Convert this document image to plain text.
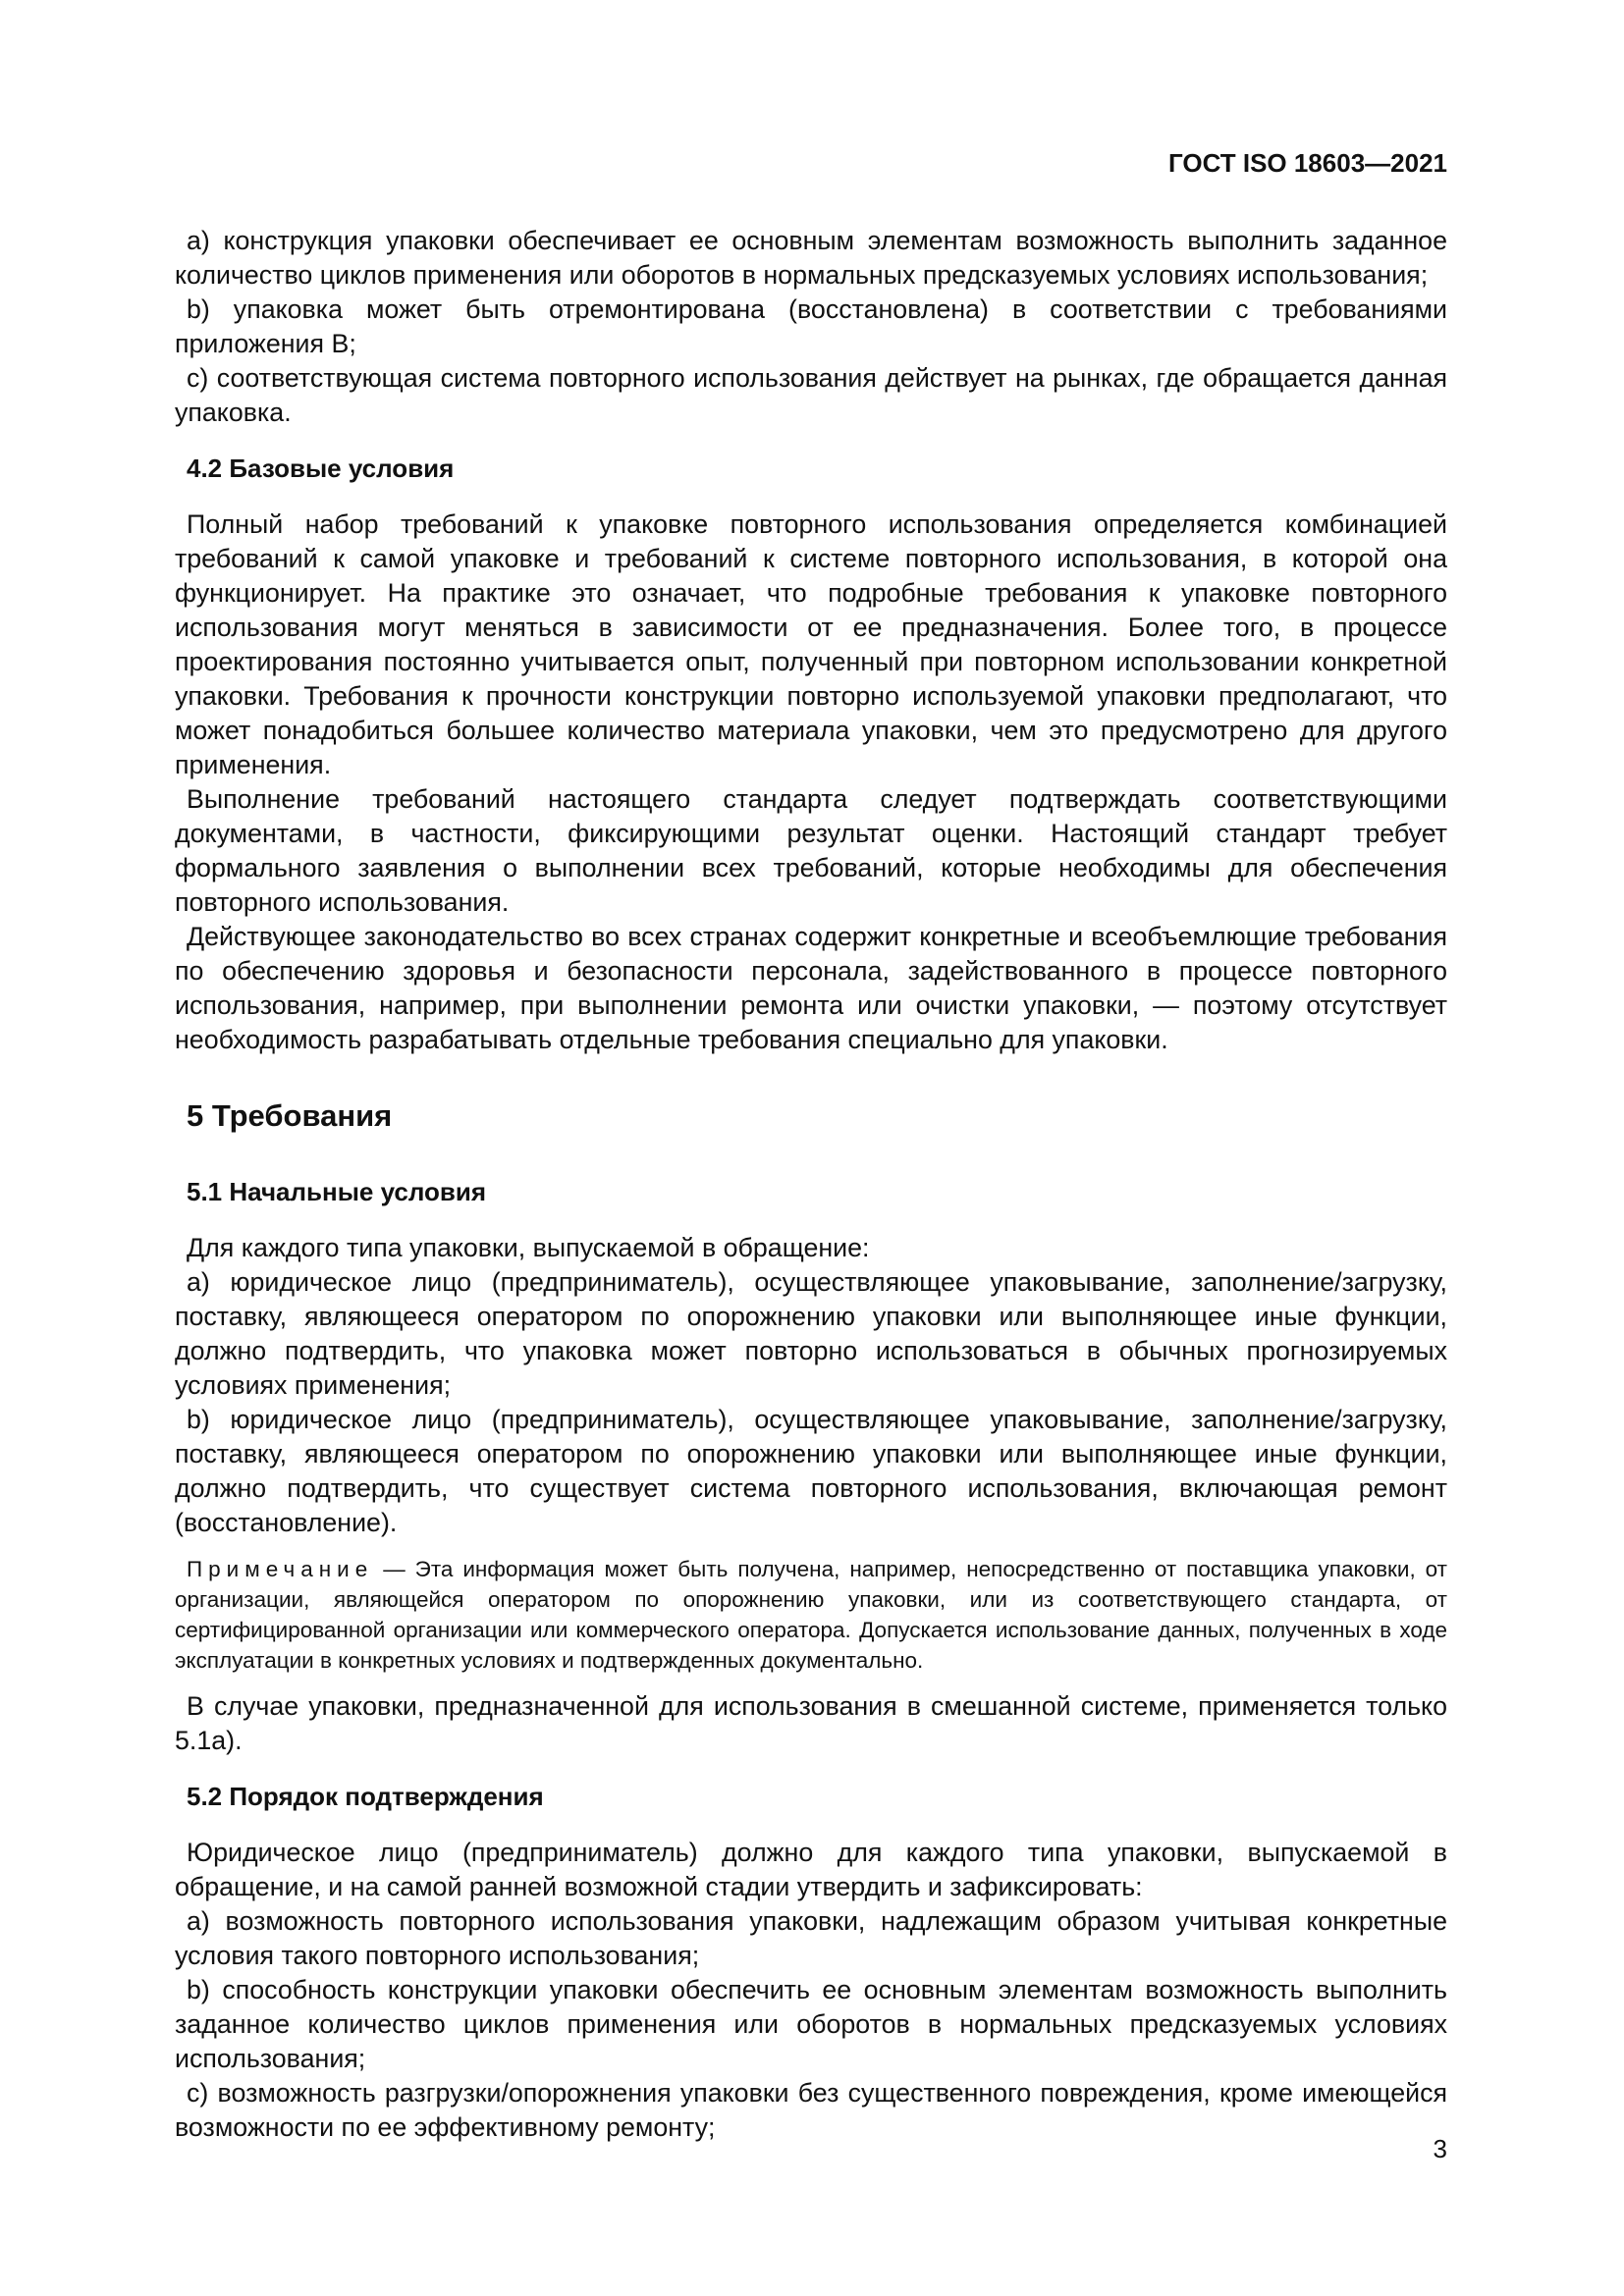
ГОСТ ISO 18603—2021

a) конструкция упаковки обеспечивает ее основным элементам возможность выполнить заданное количество циклов применения или оборотов в нормальных предсказуемых условиях использования;

b) упаковка может быть отремонтирована (восстановлена) в соответствии с требованиями приложения В;

c) соответствующая система повторного использования действует на рынках, где обращается данная упаковка.

4.2 Базовые условия

Полный набор требований к упаковке повторного использования определяется комбинацией требований к самой упаковке и требований к системе повторного использования, в которой она функционирует. На практике это означает, что подробные требования к упаковке повторного использования могут меняться в зависимости от ее предназначения. Более того, в процессе проектирования постоянно учитывается опыт, полученный при повторном использовании конкретной упаковки. Требования к прочности конструкции повторно используемой упаковки предполагают, что может понадобиться большее количество материала упаковки, чем это предусмотрено для другого применения.

Выполнение требований настоящего стандарта следует подтверждать соответствующими документами, в частности, фиксирующими результат оценки. Настоящий стандарт требует формального заявления о выполнении всех требований, которые необходимы для обеспечения повторного использования.

Действующее законодательство во всех странах содержит конкретные и всеобъемлющие требования по обеспечению здоровья и безопасности персонала, задействованного в процессе повторного использования, например, при выполнении ремонта или очистки упаковки, — поэтому отсутствует необходимость разрабатывать отдельные требования специально для упаковки.

5 Требования

5.1 Начальные условия

Для каждого типа упаковки, выпускаемой в обращение:

a) юридическое лицо (предприниматель), осуществляющее упаковывание, заполнение/загрузку, поставку, являющееся оператором по опорожнению упаковки или выполняющее иные функции, должно подтвердить, что упаковка может повторно использоваться в обычных прогнозируемых условиях применения;

b) юридическое лицо (предприниматель), осуществляющее упаковывание, заполнение/загрузку, поставку, являющееся оператором по опорожнению упаковки или выполняющее иные функции, должно подтвердить, что существует система повторного использования, включающая ремонт (восстановление).

Примечание — Эта информация может быть получена, например, непосредственно от поставщика упаковки, от организации, являющейся оператором по опорожнению упаковки, или из соответствующего стандарта, от сертифицированной организации или коммерческого оператора. Допускается использование данных, полученных в ходе эксплуатации в конкретных условиях и подтвержденных документально.

В случае упаковки, предназначенной для использования в смешанной системе, применяется только 5.1а).

5.2 Порядок подтверждения

Юридическое лицо (предприниматель) должно для каждого типа упаковки, выпускаемой в обращение, и на самой ранней возможной стадии утвердить и зафиксировать:

a) возможность повторного использования упаковки, надлежащим образом учитывая конкретные условия такого повторного использования;

b) способность конструкции упаковки обеспечить ее основным элементам возможность выполнить заданное количество циклов применения или оборотов в нормальных предсказуемых условиях использования;

c) возможность разгрузки/опорожнения упаковки без существенного повреждения, кроме имеющейся возможности по ее эффективному ремонту;

3
